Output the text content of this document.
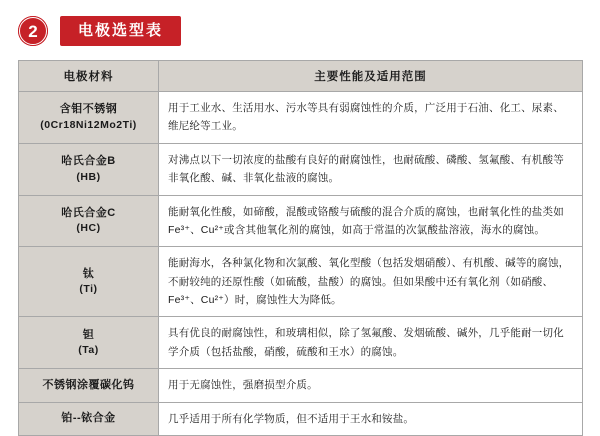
2	电极选型表
电极材料	主要性能及适用范围
含钼不锈钢
(0Cr18Ni12Mo2Ti)	用于工业水、生活用水、污水等具有弱腐蚀性的介质，广泛用于石油、化工、尿素、维尼纶等工业。
哈氏合金B
(HB)	对沸点以下一切浓度的盐酸有良好的耐腐蚀性，也耐硫酸、磷酸、氢氟酸、有机酸等非氧化酸、碱、非氧化盐液的腐蚀。
哈氏合金C
(HC)	能耐氧化性酸，如碲酸，混酸或铬酸与硫酸的混合介质的腐蚀，也耐氧化性的盐类如Fe³⁺、Cu²⁺或含其他氧化剂的腐蚀，如高于常温的次氯酸盐溶液，海水的腐蚀。
钛
(Ti)	能耐海水，各种氯化物和次氯酸、氧化型酸（包括发烟硝酸）、有机酸、碱等的腐蚀，不耐较纯的还原性酸（如硫酸，盐酸）的腐蚀。但如果酸中还有氧化剂（如硝酸、Fe³⁺、Cu²⁺）时，腐蚀性大为降低。
钽
(Ta)	具有优良的耐腐蚀性，和玻璃相似，除了氢氟酸、发烟硫酸、碱外，几乎能耐一切化学介质（包括盐酸，硝酸，硫酸和王水）的腐蚀。
不锈钢涂覆碳化钨	用于无腐蚀性，强磨损型介质。
铂--铱合金	几乎适用于所有化学物质，但不适用于王水和铵盐。
